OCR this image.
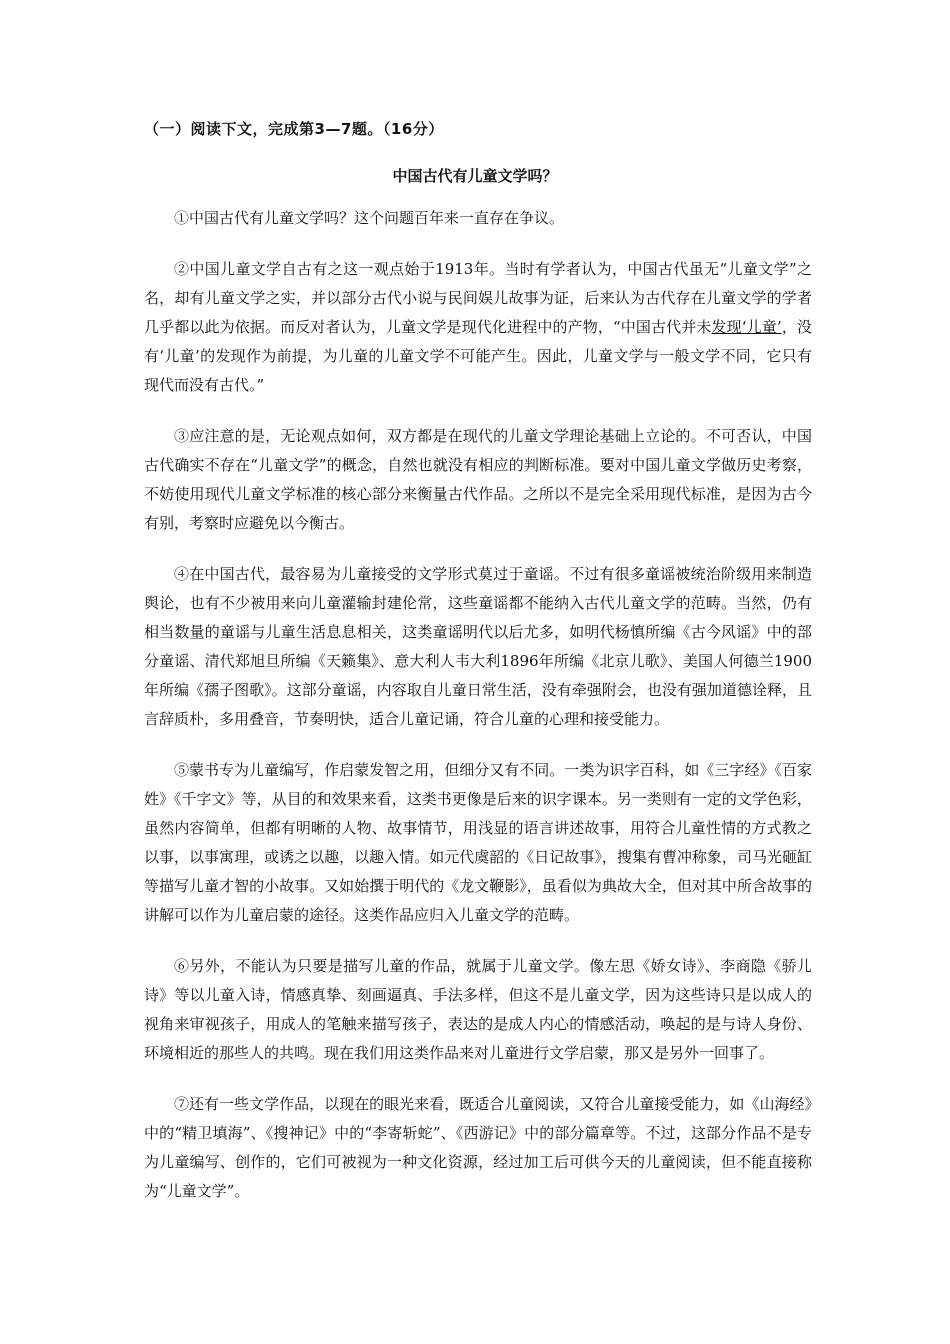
（一）阅读下文，完成第3—7题。（16分）
中国古代有儿童文学吗？

①中国古代有儿童文学吗？这个问题百年来一直存在争议。

②中国儿童文学自古有之这一观点始于1913年。当时有学者认为，中国古代虽无“儿童文学”之名，却有儿童文学之实，并以部分古代小说与民间娱儿故事为证，后来认为古代存在儿童文学的学者几乎都以此为依据。而反对者认为，儿童文学是现代化进程中的产物，“中国古代并未发现‘儿童’，没有‘儿童’的发现作为前提，为儿童的儿童文学不可能产生。因此，儿童文学与一般文学不同，它只有现代而没有古代。”

③应注意的是，无论观点如何，双方都是在现代的儿童文学理论基础上立论的。不可否认，中国古代确实不存在“儿童文学”的概念，自然也就没有相应的判断标准。要对中国儿童文学做历史考察，不妨使用现代儿童文学标准的核心部分来衡量古代作品。之所以不是完全采用现代标准，是因为古今有别，考察时应避免以今衡古。

④在中国古代，最容易为儿童接受的文学形式莫过于童谣。不过有很多童谣被统治阶级用来制造舆论，也有不少被用来向儿童灌输封建伦常，这些童谣都不能纳入古代儿童文学的范畴。当然，仍有相当数量的童谣与儿童生活息息相关，这类童谣明代以后尤多，如明代杨慎所编《古今风谣》中的部分童谣、清代郑旭旦所编《天籁集》、意大利人韦大利1896年所编《北京儿歌》、美国人何德兰1900年所编《孺子图歌》。这部分童谣，内容取自儿童日常生活，没有牵强附会，也没有强加道德诠释，且言辞质朴，多用叠音，节奏明快，适合儿童记诵，符合儿童的心理和接受能力。

⑤蒙书专为儿童编写，作启蒙发智之用，但细分又有不同。一类为识字百科，如《三字经》《百家姓》《千字文》等，从目的和效果来看，这类书更像是后来的识字课本。另一类则有一定的文学色彩，虽然内容简单，但都有明晰的人物、故事情节，用浅显的语言讲述故事，用符合儿童性情的方式教之以事，以事寓理，或诱之以趣，以趣入情。如元代虞韶的《日记故事》，搜集有曹冲称象，司马光砸缸等描写儿童才智的小故事。又如始撰于明代的《龙文鞭影》，虽看似为典故大全，但对其中所含故事的讲解可以作为儿童启蒙的途径。这类作品应归入儿童文学的范畴。

⑥另外，不能认为只要是描写儿童的作品，就属于儿童文学。像左思《娇女诗》、李商隐《骄儿诗》等以儿童入诗，情感真挚、刻画逼真、手法多样，但这不是儿童文学，因为这些诗只是以成人的视角来审视孩子，用成人的笔触来描写孩子，表达的是成人内心的情感活动，唤起的是与诗人身份、环境相近的那些人的共鸣。现在我们用这类作品来对儿童进行文学启蒙，那又是另外一回事了。

⑦还有一些文学作品，以现在的眼光来看，既适合儿童阅读，又符合儿童接受能力，如《山海经》中的“精卫填海”、《搜神记》中的“李寄斩蛇”、《西游记》中的部分篇章等。不过，这部分作品不是专为儿童编写、创作的，它们可被视为一种文化资源，经过加工后可供今天的儿童阅读，但不能直接称为“儿童文学”。
